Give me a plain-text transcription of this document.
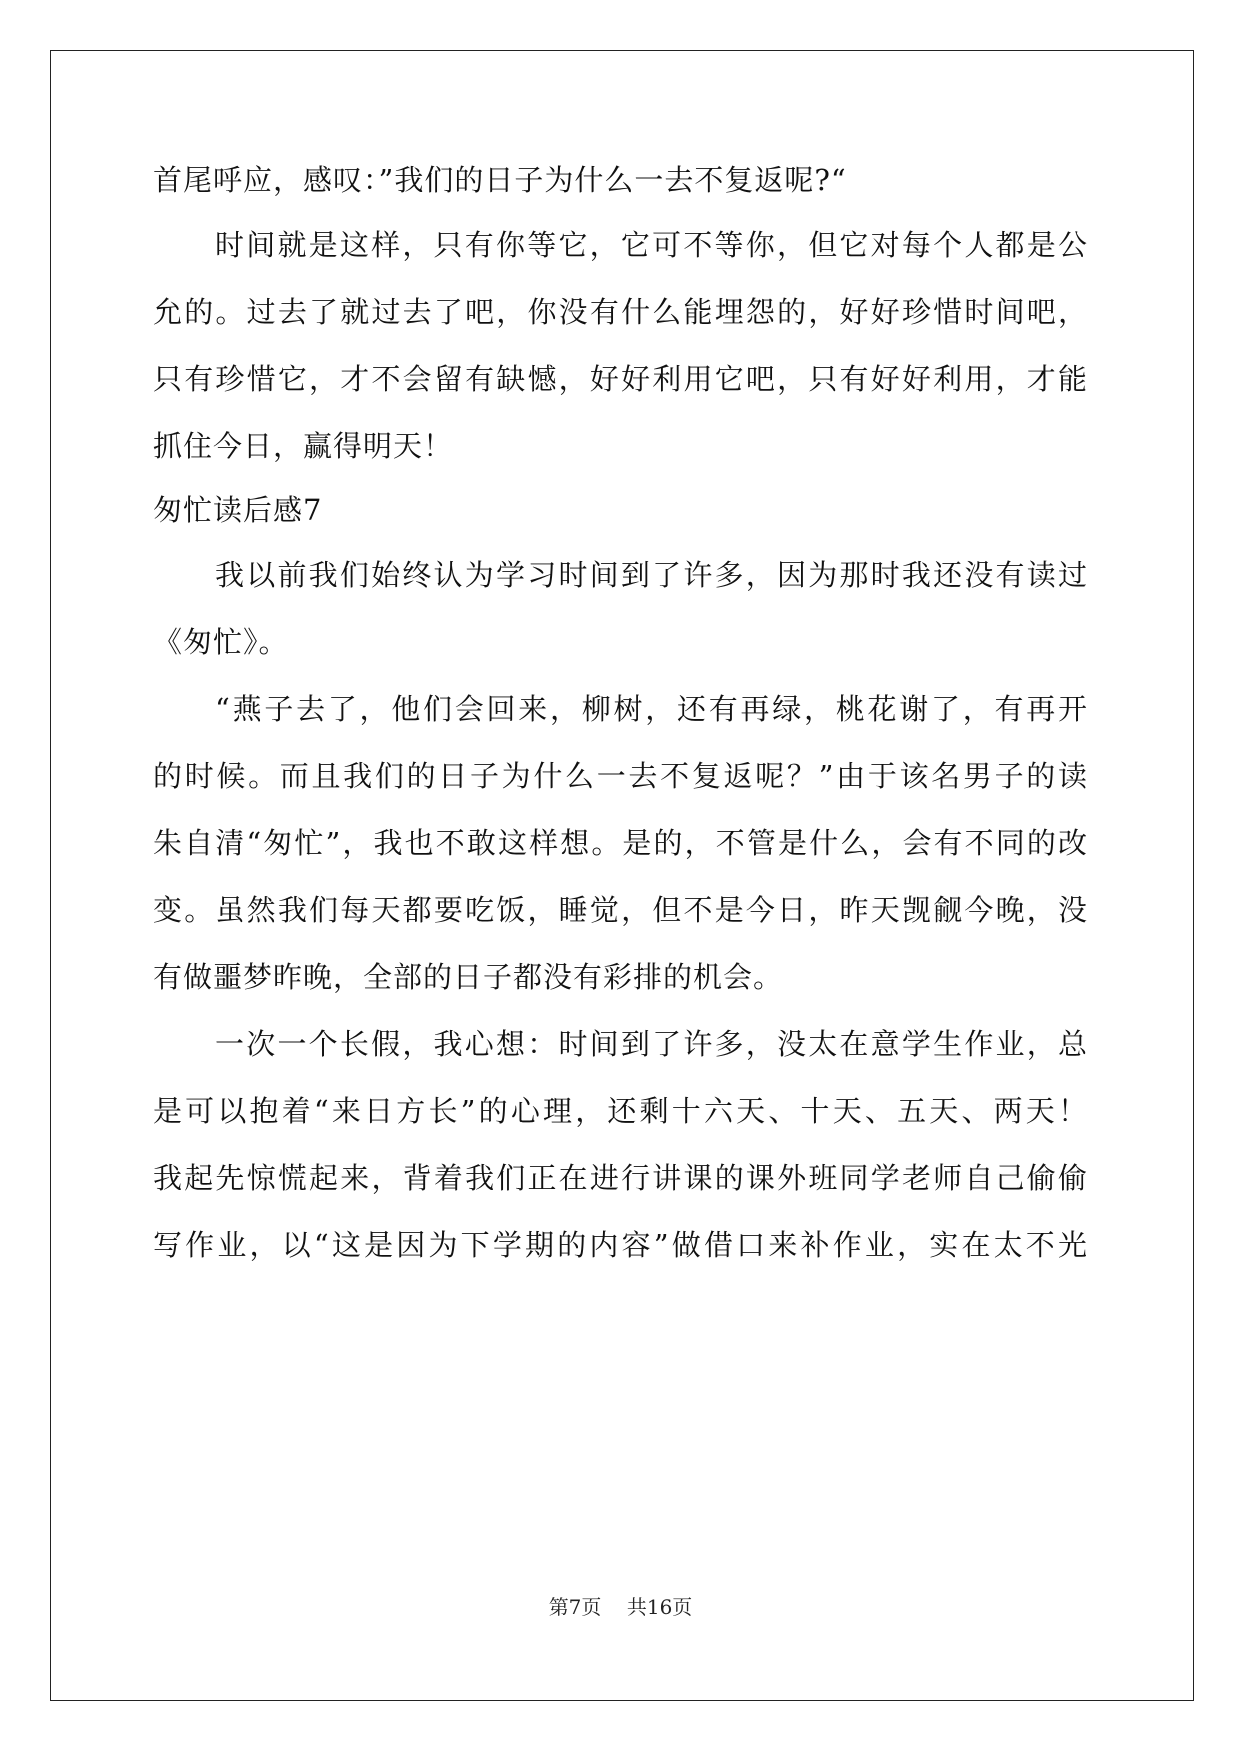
首尾呼应，感叹：”我们的日子为什么一去不复返呢?“
时间就是这样，只有你等它，它可不等你，但它对每个人都是公
允的。过去了就过去了吧，你没有什么能埋怨的，好好珍惜时间吧，
只有珍惜它，才不会留有缺憾，好好利用它吧，只有好好利用，才能
抓住今日，赢得明天！
匆忙读后感7
我以前我们始终认为学习时间到了许多，因为那时我还没有读过
《匆忙》。
“燕子去了，他们会回来，柳树，还有再绿，桃花谢了，有再开
的时候。而且我们的日子为什么一去不复返呢？”由于该名男子的读
朱自清“匆忙”，我也不敢这样想。是的，不管是什么，会有不同的改
变。虽然我们每天都要吃饭，睡觉，但不是今日，昨天觊觎今晚，没
有做噩梦昨晚，全部的日子都没有彩排的机会。
一次一个长假，我心想：时间到了许多，没太在意学生作业，总
是可以抱着“来日方长”的心理，还剩十六天、十天、五天、两天！
我起先惊慌起来，背着我们正在进行讲课的课外班同学老师自己偷偷
写作业，以“这是因为下学期的内容”做借口来补作业，实在太不光
第7页 共16页
